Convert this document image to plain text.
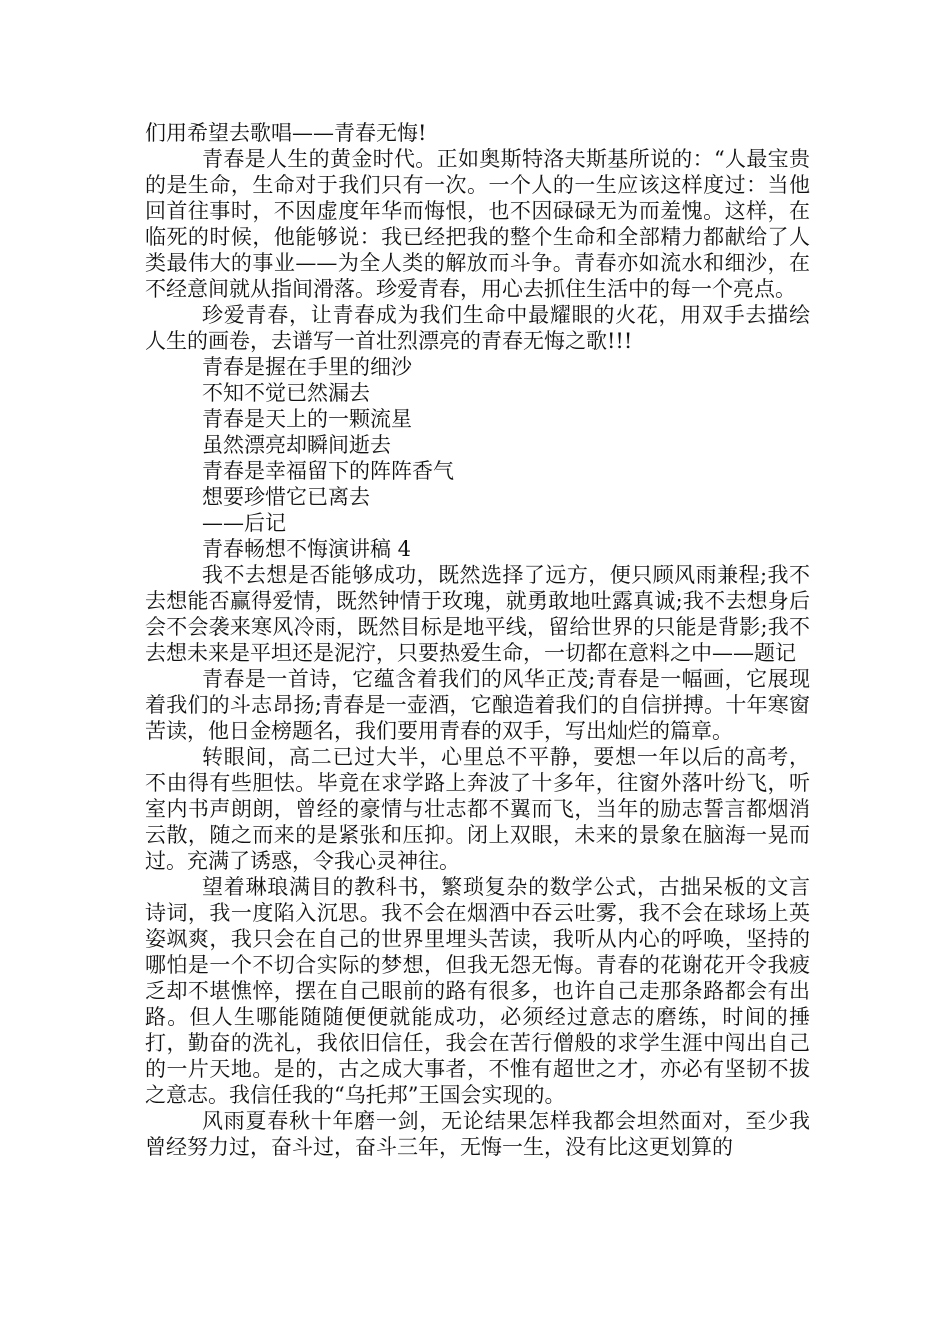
们用希望去歌唱——青春无悔!

青春是人生的黄金时代。正如奥斯特洛夫斯基所说的：“人最宝贵的是生命，生命对于我们只有一次。一个人的一生应该这样度过：当他回首往事时，不因虚度年华而悔恨，也不因碌碌无为而羞愧。这样，在临死的时候，他能够说：我已经把我的整个生命和全部精力都献给了人类最伟大的事业——为全人类的解放而斗争。青春亦如流水和细沙，在不经意间就从指间滑落。珍爱青春，用心去抓住生活中的每一个亮点。

珍爱青春，让青春成为我们生命中最耀眼的火花，用双手去描绘人生的画卷，去谱写一首壮烈漂亮的青春无悔之歌!!!

青春是握在手里的细沙

不知不觉已然漏去

青春是天上的一颗流星

虽然漂亮却瞬间逝去

青春是幸福留下的阵阵香气

想要珍惜它已离去

——后记

青春畅想不悔演讲稿 4

我不去想是否能够成功，既然选择了远方，便只顾风雨兼程;我不去想能否赢得爱情，既然钟情于玫瑰，就勇敢地吐露真诚;我不去想身后会不会袭来寒风冷雨，既然目标是地平线，留给世界的只能是背影;我不去想未来是平坦还是泥泞，只要热爱生命，一切都在意料之中——题记

青春是一首诗，它蕴含着我们的风华正茂;青春是一幅画，它展现着我们的斗志昂扬;青春是一壶酒，它酿造着我们的自信拼搏。十年寒窗苦读，他日金榜题名，我们要用青春的双手，写出灿烂的篇章。

转眼间，高二已过大半，心里总不平静，要想一年以后的高考，不由得有些胆怯。毕竟在求学路上奔波了十多年，往窗外落叶纷飞，听室内书声朗朗，曾经的豪情与壮志都不翼而飞，当年的励志誓言都烟消云散，随之而来的是紧张和压抑。闭上双眼，未来的景象在脑海一晃而过。充满了诱惑，令我心灵神往。

望着琳琅满目的教科书，繁琐复杂的数学公式，古拙呆板的文言诗词，我一度陷入沉思。我不会在烟酒中吞云吐雾，我不会在球场上英姿飒爽，我只会在自己的世界里埋头苦读，我听从内心的呼唤，坚持的哪怕是一个不切合实际的梦想，但我无怨无悔。青春的花谢花开令我疲乏却不堪憔悴，摆在自己眼前的路有很多，也许自己走那条路都会有出路。但人生哪能随随便便就能成功，必须经过意志的磨练，时间的捶打，勤奋的洗礼，我依旧信任，我会在苦行僧般的求学生涯中闯出自己的一片天地。是的，古之成大事者，不惟有超世之才，亦必有坚韧不拔之意志。我信任我的“乌托邦”王国会实现的。

风雨夏春秋十年磨一剑，无论结果怎样我都会坦然面对，至少我曾经努力过，奋斗过，奋斗三年，无悔一生，没有比这更划算的
